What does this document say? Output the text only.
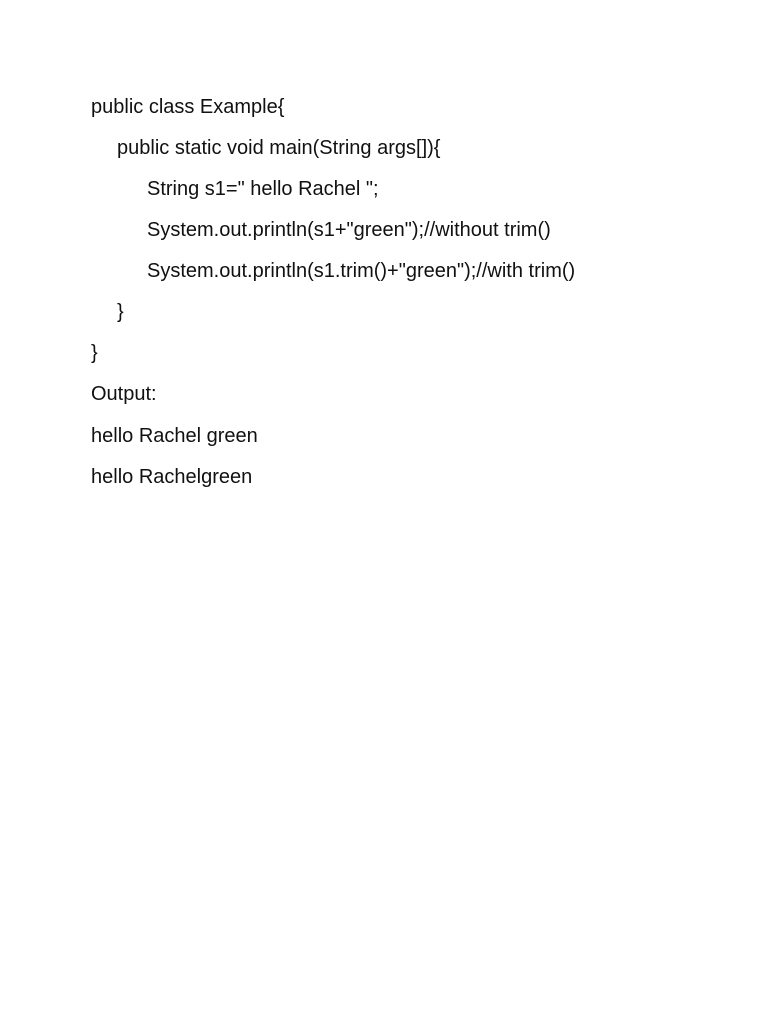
public class Example{
public static void main(String args[]){
String s1=" hello Rachel ";
System.out.println(s1+"green");//without trim()
System.out.println(s1.trim()+"green");//with trim()
}
}
Output:
hello Rachel green
hello Rachelgreen
